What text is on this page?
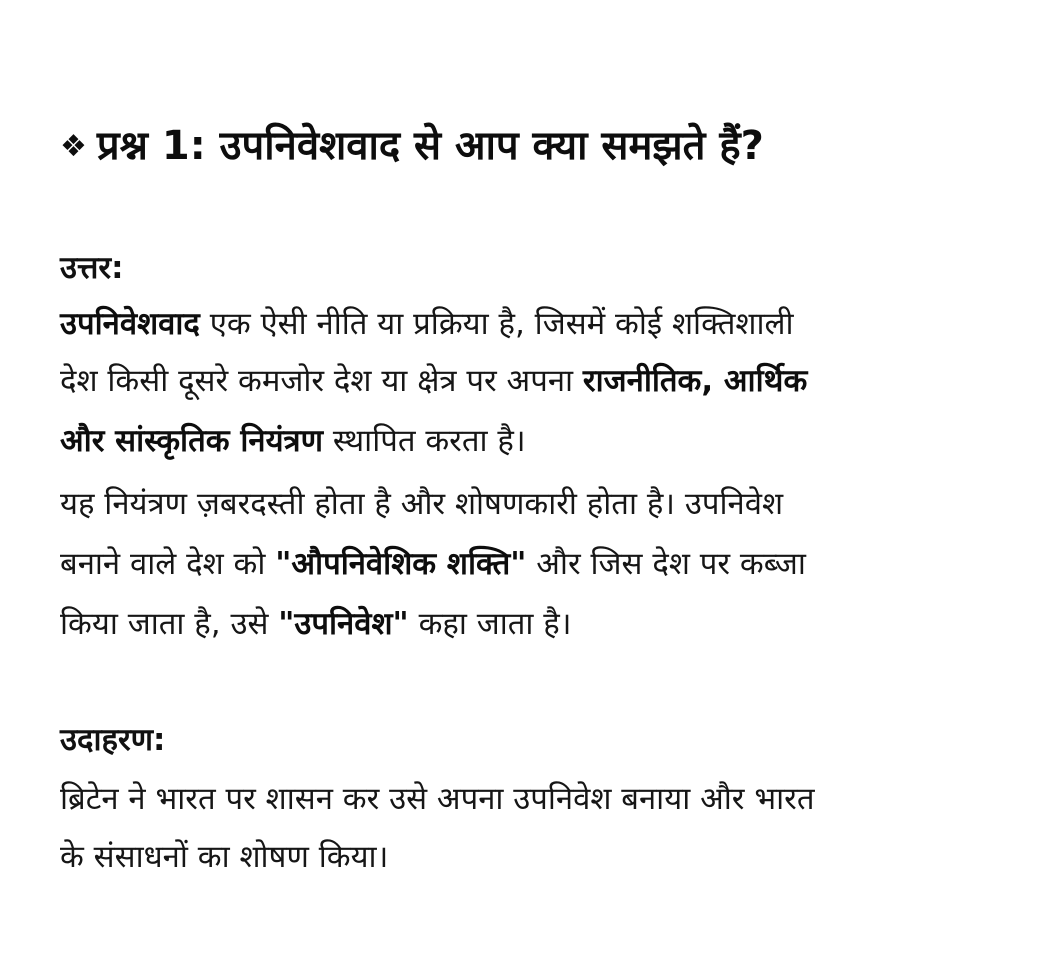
❖ प्रश्न 1: उपनिवेशवाद से आप क्या समझते हैं?
उत्तर:
उपनिवेशवाद एक ऐसी नीति या प्रक्रिया है, जिसमें कोई शक्तिशाली
देश किसी दूसरे कमजोर देश या क्षेत्र पर अपना राजनीतिक, आर्थिक
और सांस्कृतिक नियंत्रण स्थापित करता है।
यह नियंत्रण ज़बरदस्ती होता है और शोषणकारी होता है। उपनिवेश
बनाने वाले देश को "औपनिवेशिक शक्ति" और जिस देश पर कब्जा
किया जाता है, उसे "उपनिवेश" कहा जाता है।
उदाहरण:
ब्रिटेन ने भारत पर शासन कर उसे अपना उपनिवेश बनाया और भारत
के संसाधनों का शोषण किया।
